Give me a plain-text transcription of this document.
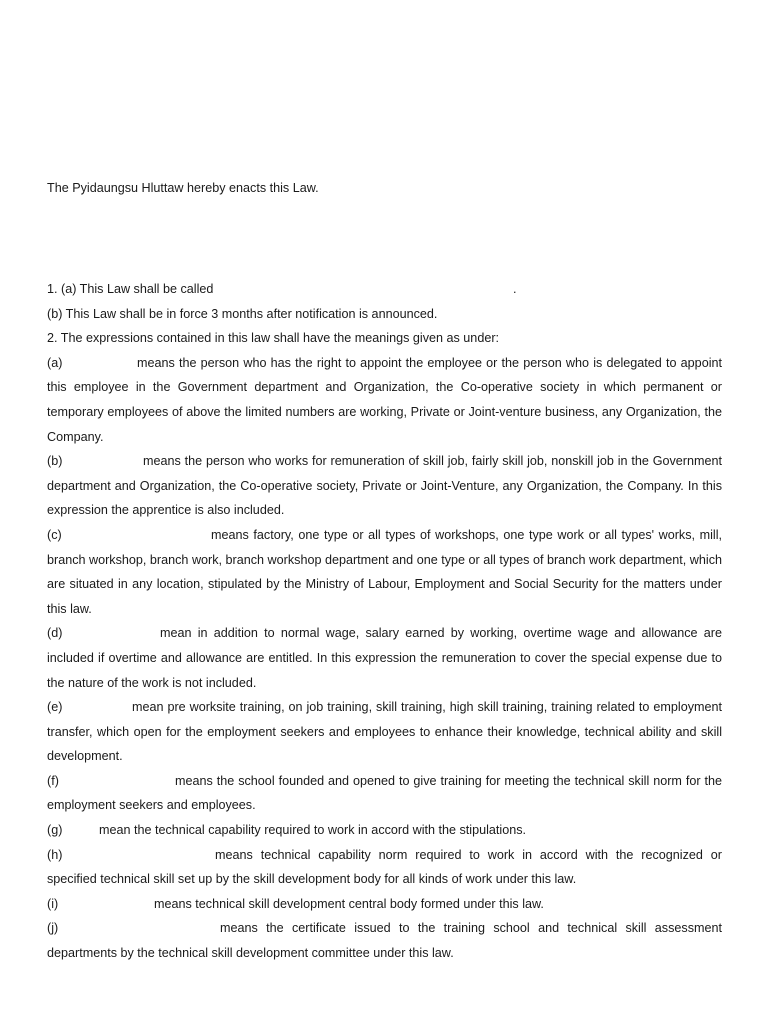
The Pyidaungsu Hluttaw hereby enacts this Law.
1. (a) This Law shall be called	.
(b) This Law shall be in force 3 months after notification is announced.
2. The expressions contained in this law shall have the meanings given as under:
(a)	means the person who has the right to appoint the employee or the person who is delegated to appoint this employee in the Government department and Organization, the Co-operative society in which permanent or temporary employees of above the limited numbers are working, Private or Joint-venture business, any Organization, the Company.
(b)	means the person who works for remuneration of skill job, fairly skill job, nonskill job in the Government department and Organization, the Co-operative society, Private or Joint-Venture, any Organization, the Company. In this expression the apprentice is also included.
(c)	means factory, one type or all types of workshops, one type work or all types' works, mill, branch workshop, branch work, branch workshop department and one type or all types of branch work department, which are situated in any location, stipulated by the Ministry of Labour, Employment and Social Security for the matters under this law.
(d)	mean in addition to normal wage, salary earned by working, overtime wage and allowance are included if overtime and allowance are entitled. In this expression the remuneration to cover the special expense due to the nature of the work is not included.
(e)	mean pre worksite training, on job training, skill training, high skill training, training related to employment transfer, which open for the employment seekers and employees to enhance their knowledge, technical ability and skill development.
(f)	means the school founded and opened to give training for meeting the technical skill norm for the employment seekers and employees.
(g)	mean the technical capability required to work in accord with the stipulations.
(h)	means technical capability norm required to work in accord with the recognized or specified technical skill set up by the skill development body for all kinds of work under this law.
(i)	means technical skill development central body formed under this law.
(j)	means the certificate issued to the training school and technical skill assessment departments by the technical skill development committee under this law.
